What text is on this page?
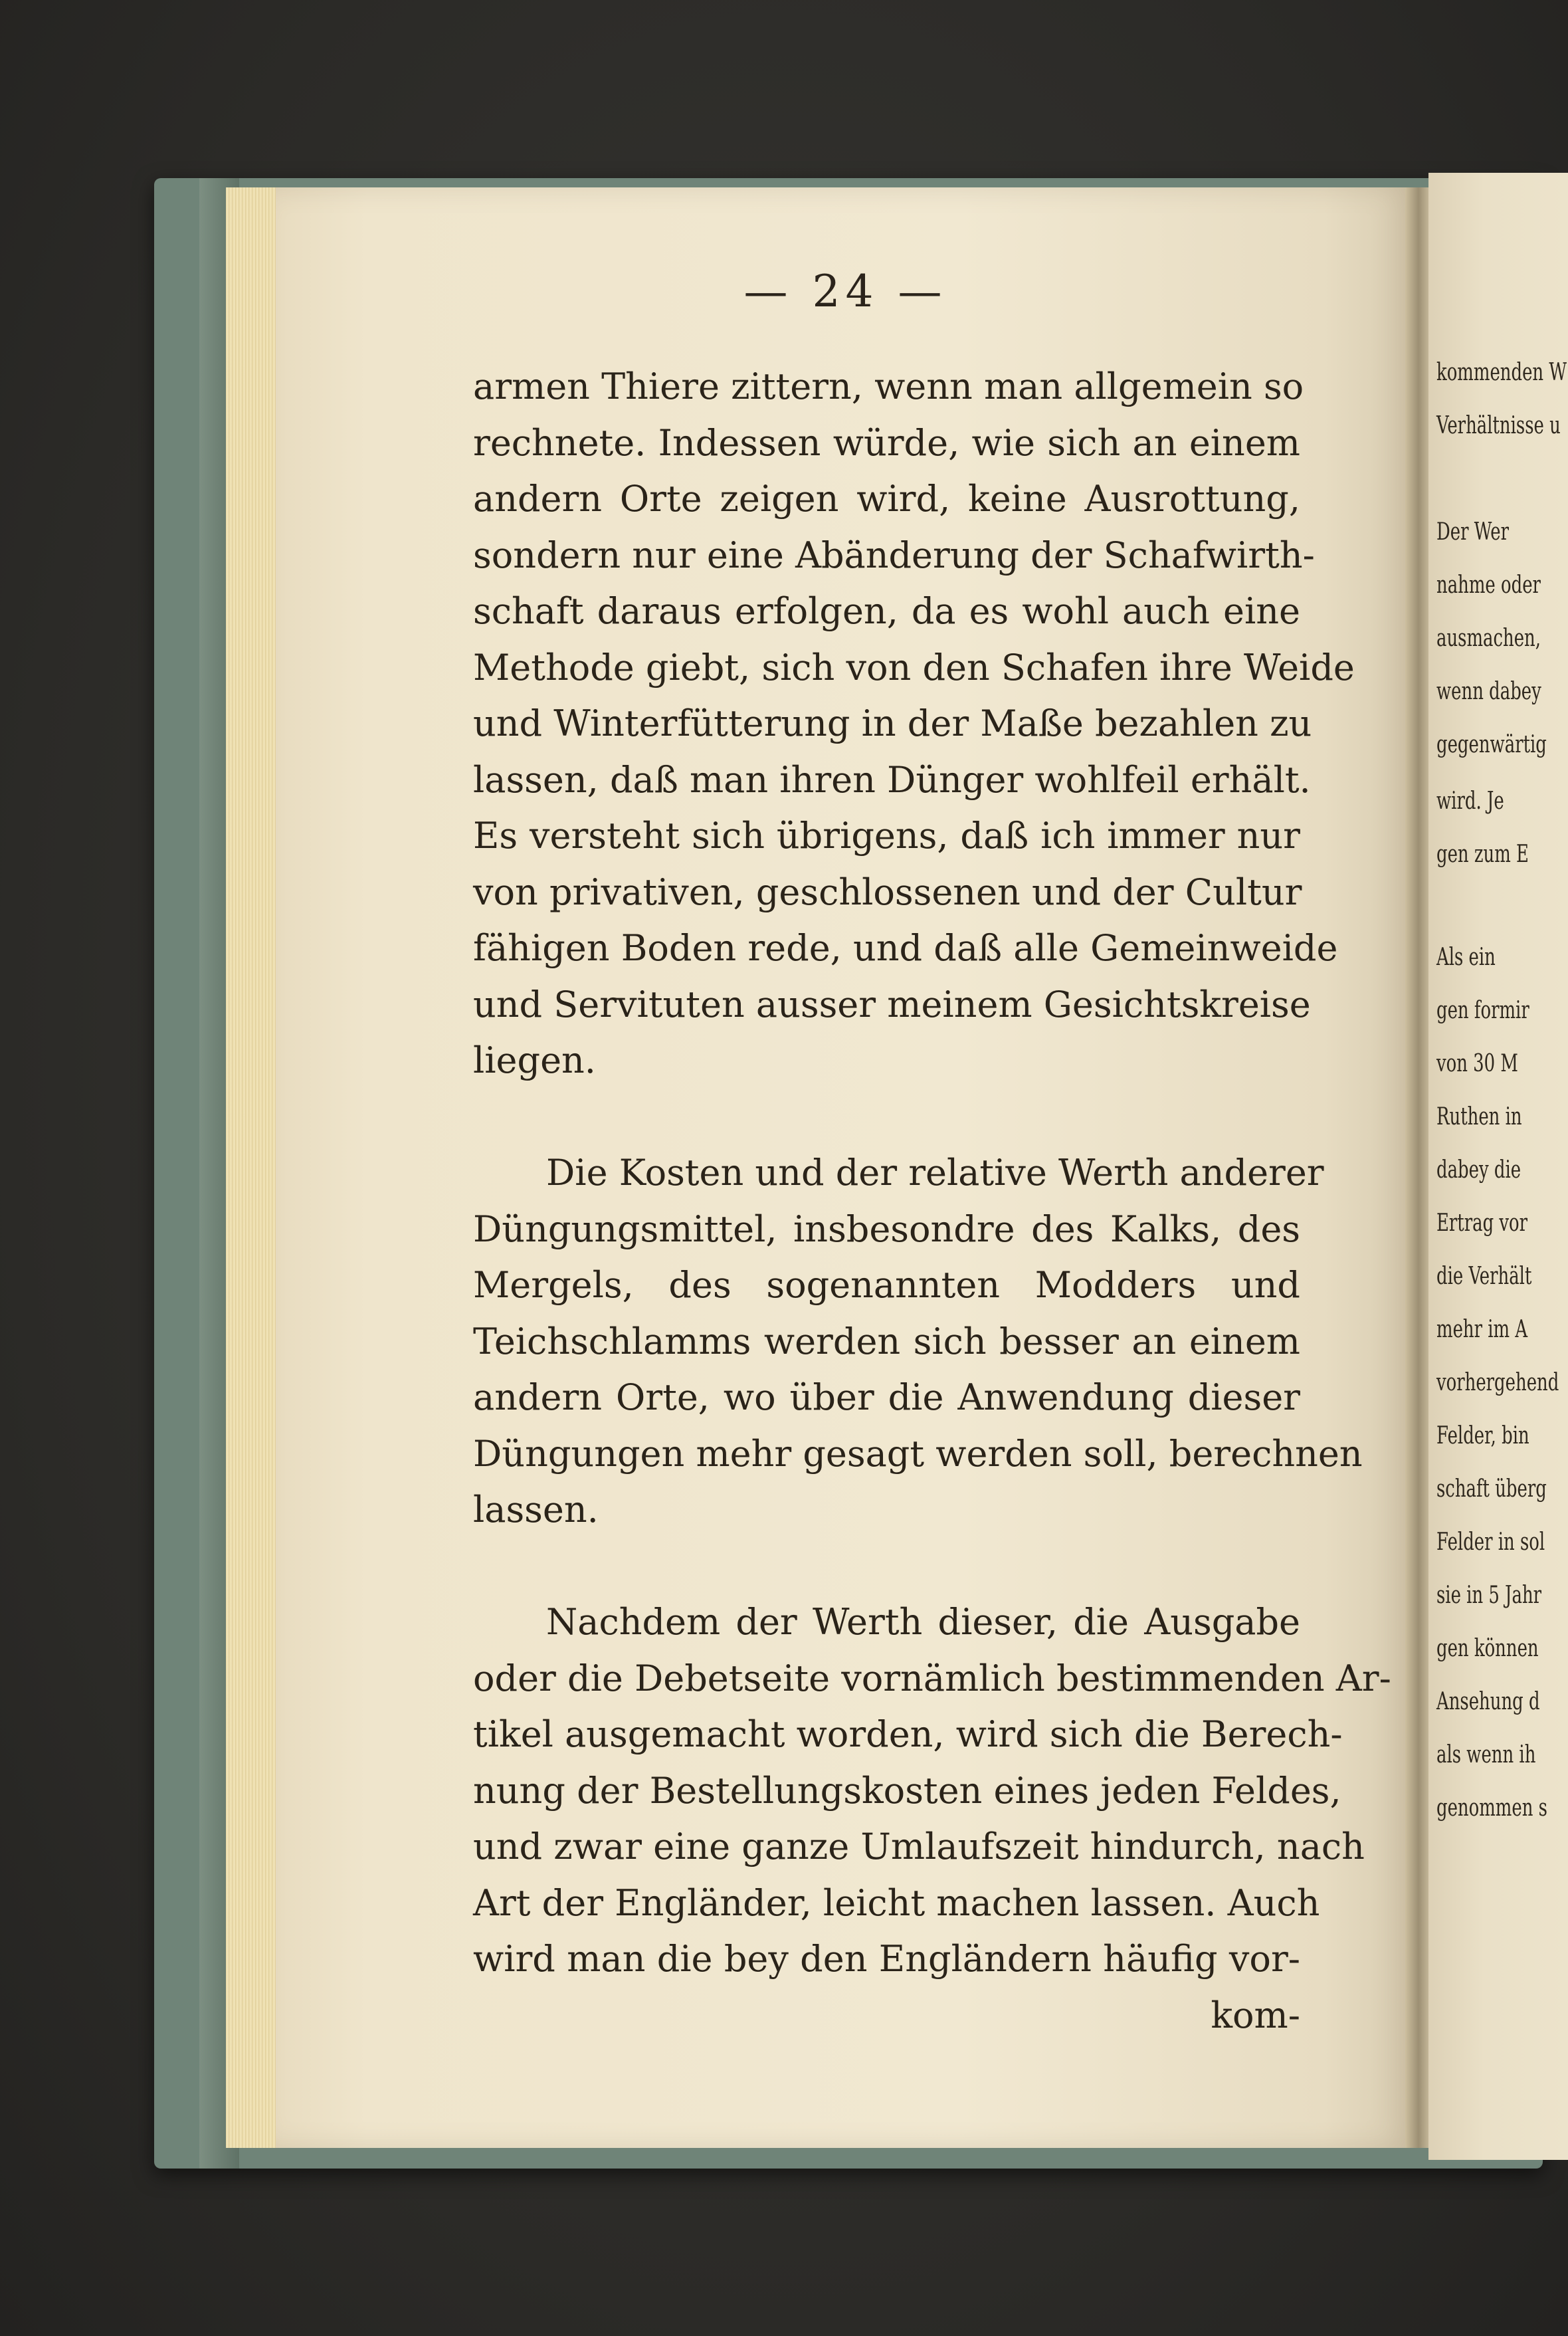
kommenden W
Verhältnisse u
Der Wer
nahme oder
ausmachen,
wenn dabey
gegenwärtig
wird. Je
gen zum E
Als ein
gen formir
von 30 M
Ruthen in
dabey die
Ertrag vor
die Verhält
mehr im A
vorhergehend
Felder, bin
schaft überg
Felder in sol
sie in 5 Jahr
gen können
Ansehung d
als wenn ih
genommen s
— 24 —
armen Thiere zittern, wenn man allgemein so
rechnete. Indessen würde, wie sich an einem
andern Orte zeigen wird, keine Ausrottung,
sondern nur eine Abänderung der Schafwirth-
schaft daraus erfolgen, da es wohl auch eine
Methode giebt, sich von den Schafen ihre Weide
und Winterfütterung in der Maße bezahlen zu
lassen, daß man ihren Dünger wohlfeil erhält.
Es versteht sich übrigens, daß ich immer nur
von privativen, geschlossenen und der Cultur
fähigen Boden rede, und daß alle Gemeinweide
und Servituten ausser meinem Gesichtskreise
liegen.
Die Kosten und der relative Werth anderer
Düngungsmittel, insbesondre des Kalks, des
Mergels, des sogenannten Modders und
Teichschlamms werden sich besser an einem
andern Orte, wo über die Anwendung dieser
Düngungen mehr gesagt werden soll, berechnen
lassen.
Nachdem der Werth dieser, die Ausgabe
oder die Debetseite vornämlich bestimmenden Ar-
tikel ausgemacht worden, wird sich die Berech-
nung der Bestellungskosten eines jeden Feldes,
und zwar eine ganze Umlaufszeit hindurch, nach
Art der Engländer, leicht machen lassen. Auch
wird man die bey den Engländern häufig vor-
kom-
